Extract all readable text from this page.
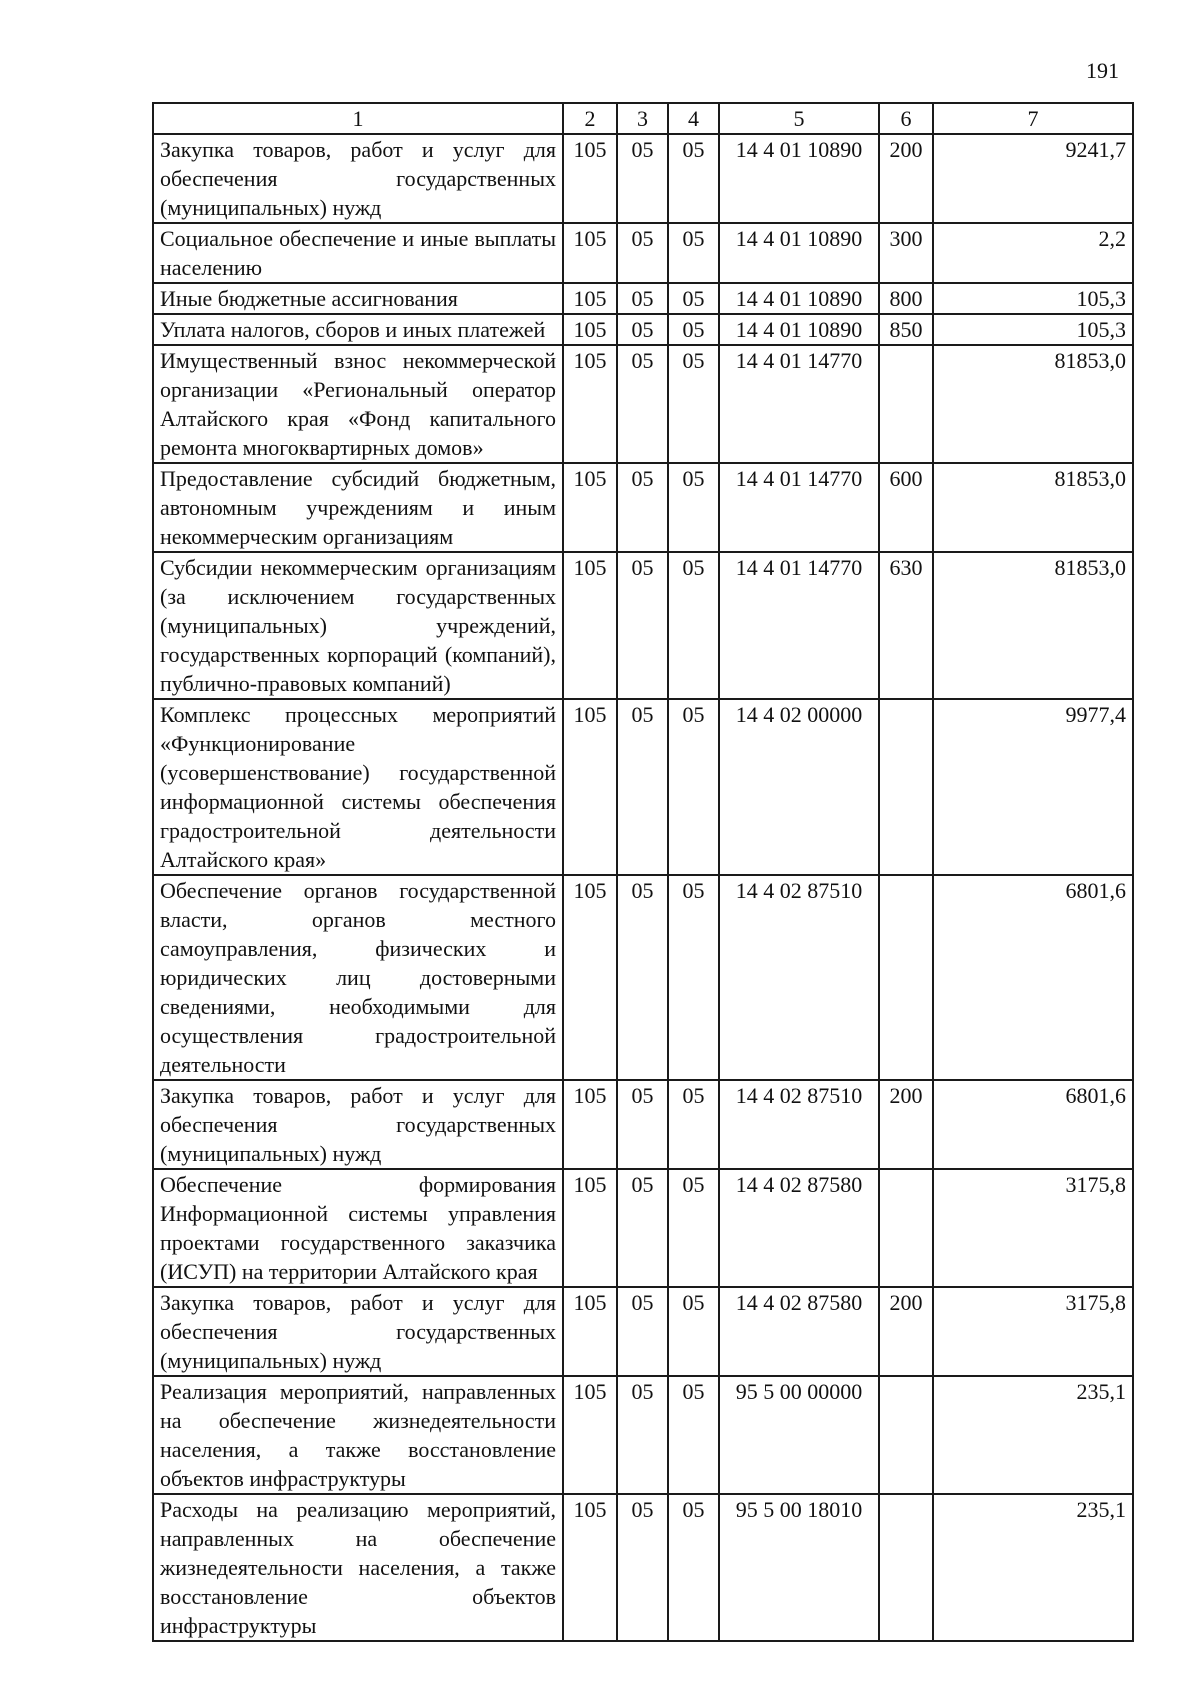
191
1	2	3	4	5	6	7
Закупка товаров, работ и услуг для обеспечения государственных (муниципальных) нужд	105	05	05	14 4 01 10890	200	9241,7
Социальное обеспечение и иные выплаты населению	105	05	05	14 4 01 10890	300	2,2
Иные бюджетные ассигнования	105	05	05	14 4 01 10890	800	105,3
Уплата налогов, сборов и иных платежей	105	05	05	14 4 01 10890	850	105,3
Имущественный взнос некоммерческой организации «Региональный оператор Алтайского края «Фонд капитального ремонта многоквартирных домов»	105	05	05	14 4 01 14770		81853,0
Предоставление субсидий бюджетным, автономным учреждениям и иным некоммерческим организациям	105	05	05	14 4 01 14770	600	81853,0
Субсидии некоммерческим организациям (за исключением государственных (муниципальных) учреждений, государственных корпораций (компаний), публично-правовых компаний)	105	05	05	14 4 01 14770	630	81853,0
Комплекс процессных мероприятий «Функционирование (усовершенствование) государственной информационной системы обеспечения градостроительной деятельности Алтайского края»	105	05	05	14 4 02 00000		9977,4
Обеспечение органов государственной власти, органов местного самоуправления, физических и юридических лиц достоверными сведениями, необходимыми для осуществления градостроительной деятельности	105	05	05	14 4 02 87510		6801,6
Закупка товаров, работ и услуг для обеспечения государственных (муниципальных) нужд	105	05	05	14 4 02 87510	200	6801,6
Обеспечение формирования Информационной системы управления проектами государственного заказчика (ИСУП) на территории Алтайского края	105	05	05	14 4 02 87580		3175,8
Закупка товаров, работ и услуг для обеспечения государственных (муниципальных) нужд	105	05	05	14 4 02 87580	200	3175,8
Реализация мероприятий, направленных на обеспечение жизнедеятельности населения, а также восстановление объектов инфраструктуры	105	05	05	95 5 00 00000		235,1
Расходы на реализацию мероприятий, направленных на обеспечение жизнедеятельности населения, а также восстановление объектов инфраструктуры	105	05	05	95 5 00 18010		235,1
